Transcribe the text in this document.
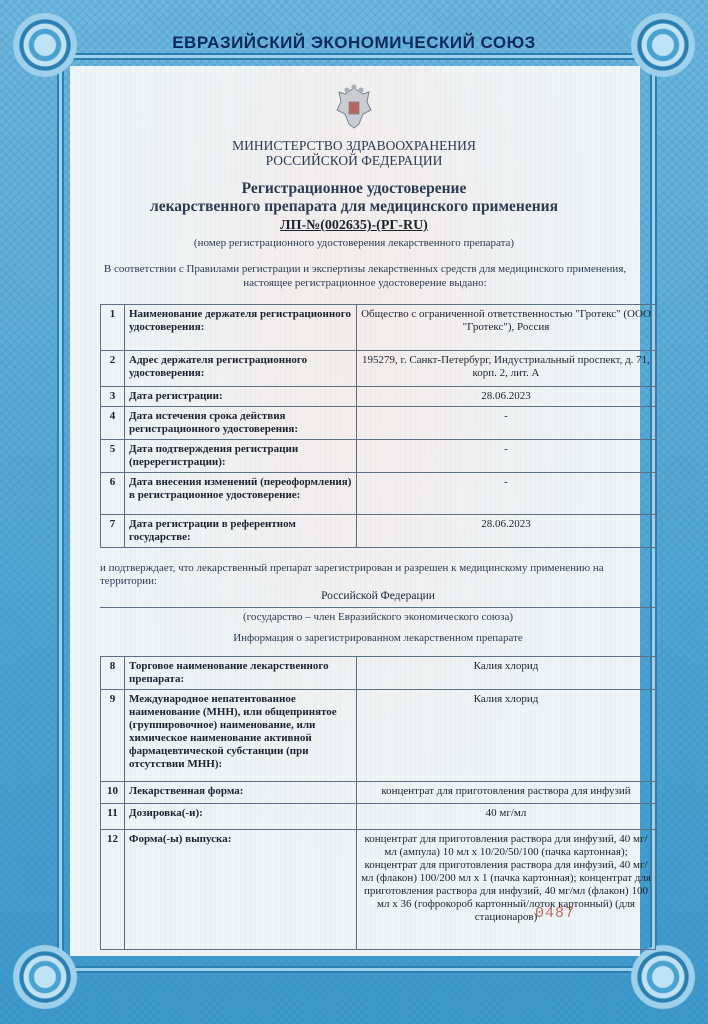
ЕВРАЗИЙСКИЙ ЭКОНОМИЧЕСКИЙ СОЮЗ
МИНИСТЕРСТВО ЗДРАВООХРАНЕНИЯ
РОССИЙСКОЙ ФЕДЕРАЦИИ
Регистрационное удостоверение
лекарственного препарата для медицинского применения
ЛП-№(002635)-(РГ-RU)
(номер регистрационного удостоверения лекарственного препарата)
В соответствии с Правилами регистрации и экспертизы лекарственных средств для медицинского применения, настоящее регистрационное удостоверение выдано:
1	Наименование держателя регистрационного удостоверения:	Общество с ограниченной ответственностью "Гротекс" (ООО "Гротекс"), Россия
2	Адрес держателя регистрационного удостоверения:	195279, г. Санкт-Петербург, Индустриальный проспект, д. 71, корп. 2, лит. А
3	Дата регистрации:	28.06.2023
4	Дата истечения срока действия регистрационного удостоверения:	-
5	Дата подтверждения регистрации (перерегистрации):	-
6	Дата внесения изменений (переоформления) в регистрационное удостоверение:	-
7	Дата регистрации в референтном государстве:	28.06.2023
и подтверждает, что лекарственный препарат зарегистрирован и разрешен к медицинскому применению на территории:
Российской Федерации
(государство – член Евразийского экономического союза)
Информация о зарегистрированном лекарственном препарате
8	Торговое наименование лекарственного препарата:	Калия хлорид
9	Международное непатентованное наименование (МНН), или общепринятое (группировочное) наименование, или химическое наименование активной фармацевтической субстанции (при отсутствии МНН):	Калия хлорид
10	Лекарственная форма:	концентрат для приготовления раствора для инфузий
11	Дозировка(-и):	40 мг/мл
12	Форма(-ы) выпуска:	концентрат для приготовления раствора для инфузий, 40 мг/мл (ампула) 10 мл х 10/20/50/100 (пачка картонная); концентрат для приготовления раствора для инфузий, 40 мг/мл (флакон) 100/200 мл х 1 (пачка картонная); концентрат для приготовления раствора для инфузий, 40 мг/мл (флакон) 100 мл х 36 (гофрокороб картонный/лоток картонный) (для стационаров)
0487
